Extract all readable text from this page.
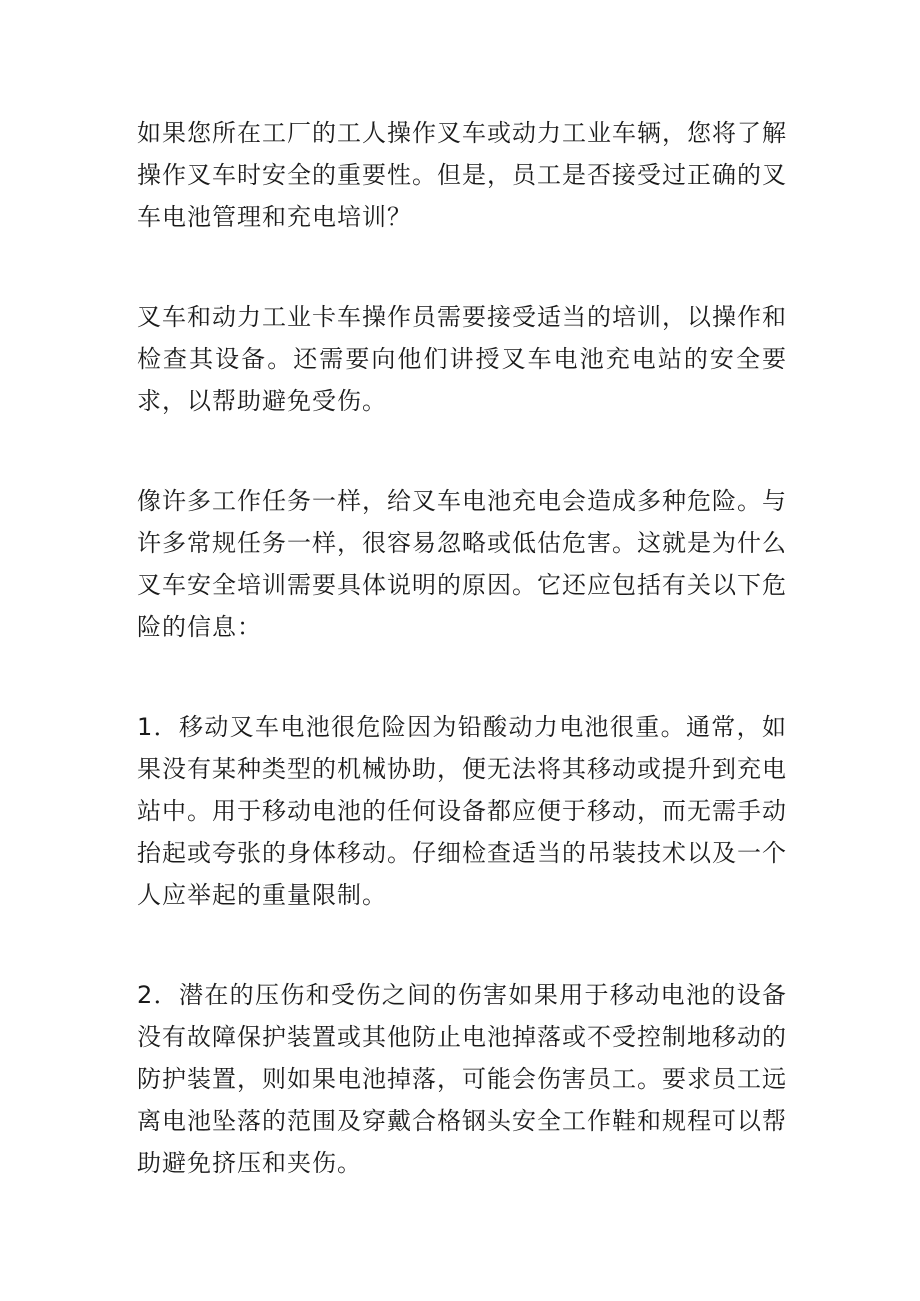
如果您所在工厂的工人操作叉车或动力工业车辆，您将了解操作叉车时安全的重要性。但是，员工是否接受过正确的叉车电池管理和充电培训？

叉车和动力工业卡车操作员需要接受适当的培训，以操作和检查其设备。还需要向他们讲授叉车电池充电站的安全要求，以帮助避免受伤。

像许多工作任务一样，给叉车电池充电会造成多种危险。与许多常规任务一样，很容易忽略或低估危害。这就是为什么叉车安全培训需要具体说明的原因。它还应包括有关以下危险的信息：

1．移动叉车电池很危险因为铅酸动力电池很重。通常，如果没有某种类型的机械协助，便无法将其移动或提升到充电站中。用于移动电池的任何设备都应便于移动，而无需手动抬起或夸张的身体移动。仔细检查适当的吊装技术以及一个人应举起的重量限制。

2．潜在的压伤和受伤之间的伤害如果用于移动电池的设备没有故障保护装置或其他防止电池掉落或不受控制地移动的防护装置，则如果电池掉落，可能会伤害员工。要求员工远离电池坠落的范围及穿戴合格钢头安全工作鞋和规程可以帮助避免挤压和夹伤。
